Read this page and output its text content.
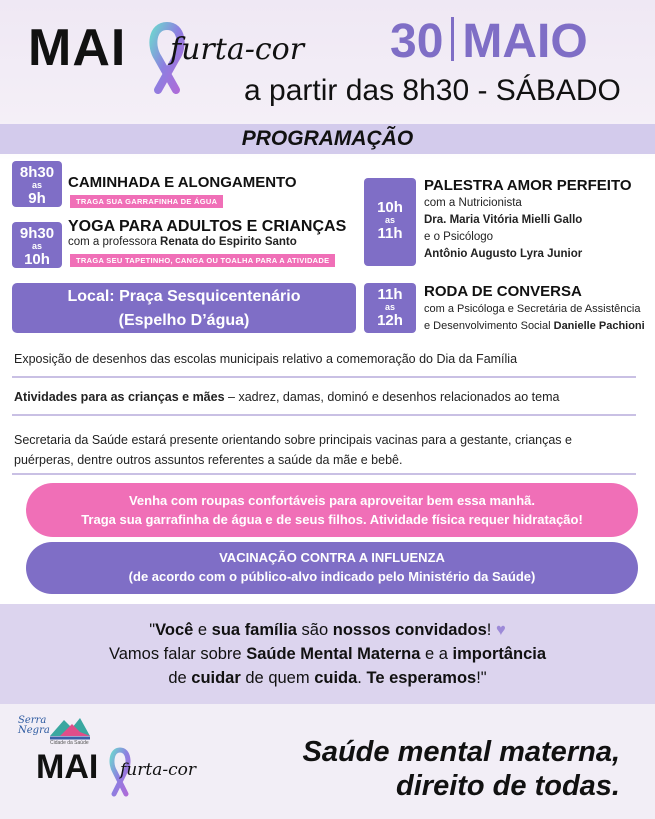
MAI furta-cor 30 MAIO
a partir das 8h30 - SÁBADO
PROGRAMAÇÃO
8h30
as
9h
CAMINHADA E ALONGAMENTO
TRAGA SUA GARRAFINHA DE ÁGUA
9h30
as
10h
YOGA PARA ADULTOS E CRIANÇAS
com a professora Renata do Espirito Santo
TRAGA SEU TAPETINHO, CANGA OU TOALHA PARA A ATIVIDADE
10h
as
11h
PALESTRA AMOR PERFEITO
com a Nutricionista
Dra. Maria Vitória Mielli Gallo
e o Psicólogo
Antônio Augusto Lyra Junior
Local: Praça Sesquicentenário
(Espelho D’água)
11h
as
12h
RODA DE CONVERSA
com a Psicóloga e Secretária de Assistência
e Desenvolvimento Social Danielle Pachioni
Exposição de desenhos das escolas municipais relativo a comemoração do Dia da Família
Atividades para as crianças e mães – xadrez, damas, dominó e desenhos relacionados ao tema
Secretaria da Saúde estará presente orientando sobre principais vacinas para a gestante, crianças e
puérperas, dentre outros assuntos referentes a saúde da mãe e bebê.
Venha com roupas confortáveis para aproveitar bem essa manhã.
Traga sua garrafinha de água e de seus filhos. Atividade física requer hidratação!
VACINAÇÃO CONTRA A INFLUENZA
(de acordo com o público-alvo indicado pelo Ministério da Saúde)
"Você e sua família são nossos convidados! ♥
Vamos falar sobre Saúde Mental Materna e a importância
de cuidar de quem cuida. Te esperamos!"
Serra
Negra
Cidade da Saúde
MAI furta-cor
Saúde mental materna,
direito de todas.
